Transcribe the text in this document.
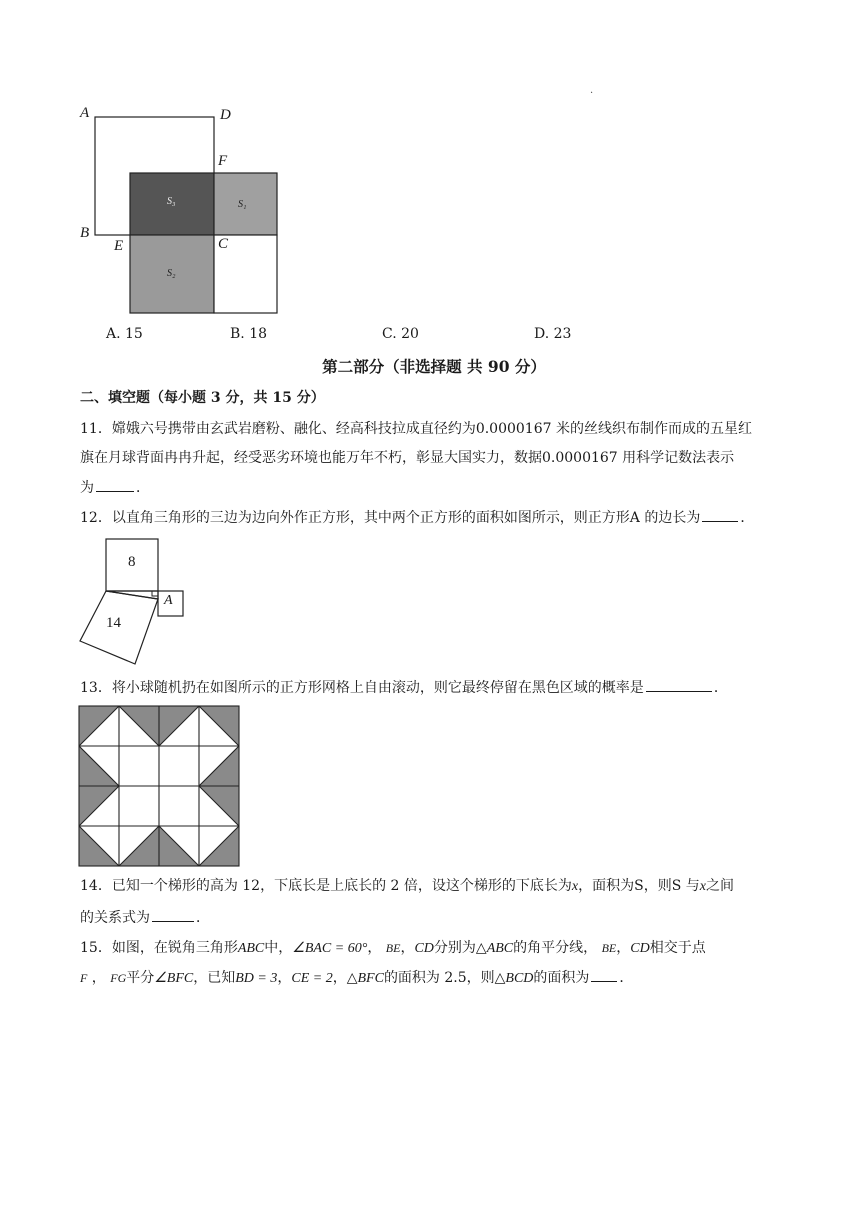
·
A	D
F
B
E	C
S₃	S₁
S₂
A. 15	B. 18	C. 20	D. 23
第二部分（非选择题 共 90 分）
二、填空题（每小题 3 分，共 15 分）
11．嫦娥六号携带由玄武岩磨粉、融化、经高科技拉成直径约为0.0000167 米的丝线织布制作而成的五星红
旗在月球背面冉冉升起，经受恶劣环境也能万年不朽，彰显大国实力，数据0.0000167 用科学记数法表示
为	．
12．以直角三角形的三边为边向外作正方形，其中两个正方形的面积如图所示，则正方形A 的边长为	．
8
14
A
13．将小球随机扔在如图所示的正方形网格上自由滚动，则它最终停留在黑色区域的概率是	．
14．已知一个梯形的高为 12，下底长是上底长的 2 倍，设这个梯形的下底长为x，面积为S，则S 与x之间
的关系式为	．
15．如图，在锐角三角形ABC中，∠BAC = 60°， BE，CD分别为△ABC的角平分线， BE，CD相交于点
F ， FG平分∠BFC，已知BD = 3，CE = 2，△BFC的面积为 2.5，则△BCD的面积为 ．
